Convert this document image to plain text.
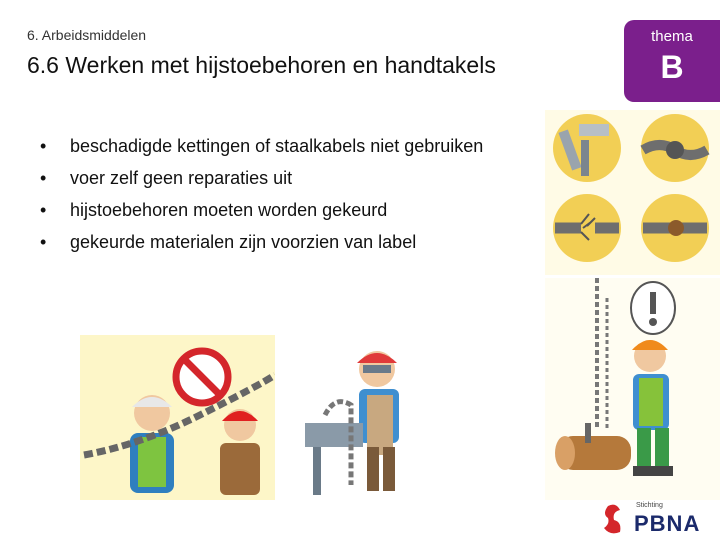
6. Arbeidsmiddelen
6.6 Werken met hijstoebehoren en handtakels
thema
B
• beschadigde kettingen of staalkabels niet gebruiken
• voer zelf geen reparaties uit
• hijstoebehoren moeten worden gekeurd
• gekeurde materialen zijn voorzien van label
Stichting
PBNA
